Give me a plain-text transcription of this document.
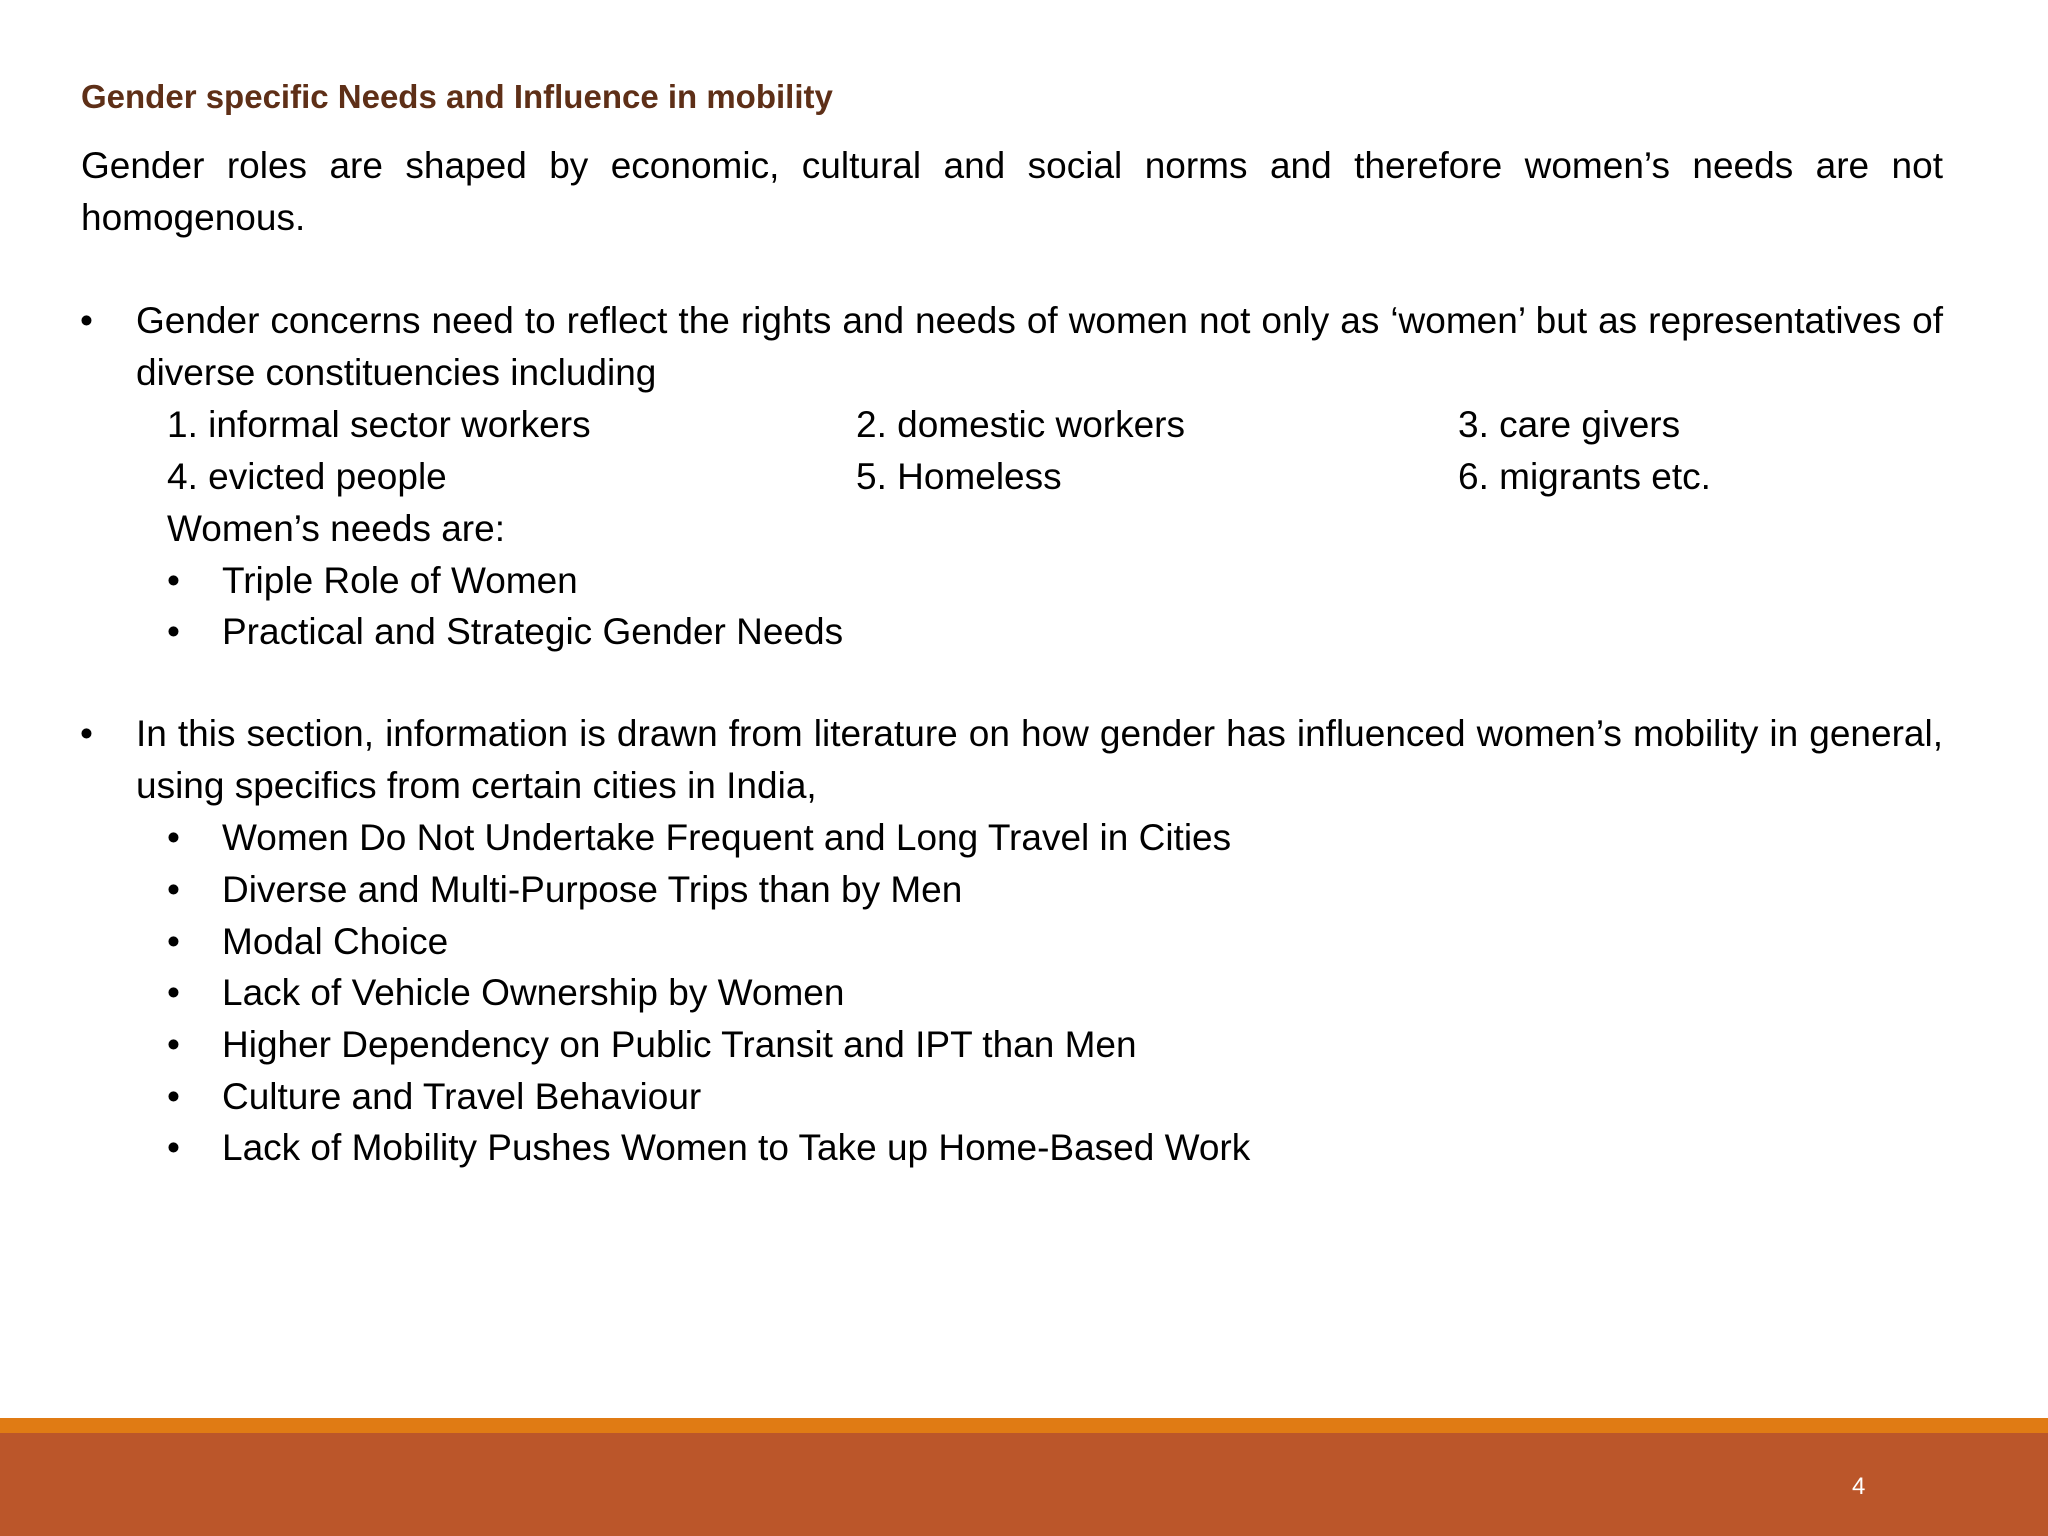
Gender specific Needs and Influence in mobility
Gender roles are shaped by economic, cultural and social norms and therefore women’s needs are not homogenous.
• Gender concerns need to reflect the rights and needs of women not only as ‘women’ but as representatives of diverse constituencies including
1. informal sector workers	2. domestic workers	3. care givers
4. evicted people	5. Homeless	6. migrants etc.
Women’s needs are:
• Triple Role of Women
• Practical and Strategic Gender Needs
• In this section, information is drawn from literature on how gender has influenced women’s mobility in general, using specifics from certain cities in India,
• Women Do Not Undertake Frequent and Long Travel in Cities
• Diverse and Multi-Purpose Trips than by Men
• Modal Choice
• Lack of Vehicle Ownership by Women
• Higher Dependency on Public Transit and IPT than Men
• Culture and Travel Behaviour
• Lack of Mobility Pushes Women to Take up Home-Based Work
4
